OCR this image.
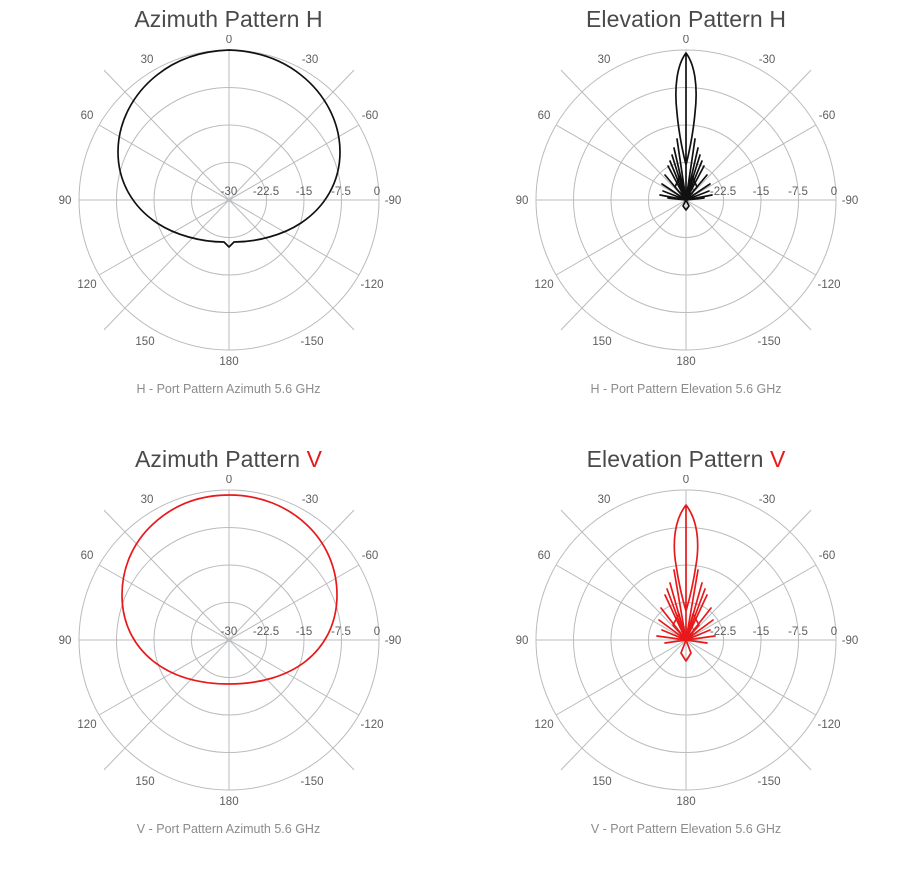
Azimuth Pattern H
0
-30
-60
-90
-120
-150
180
150
120
90
60
30
-30 -22.5 -15 -7.5 0
H - Port Pattern Azimuth 5.6 GHz
Elevation Pattern H
0
-30
-60
-90
-120
-150
180
150
120
90
60
30
-30 -22.5 -15 -7.5 0
H - Port Pattern Elevation 5.6 GHz
Azimuth Pattern V
0
-30
-60
-90
-120
-150
180
150
120
90
60
30
-30 -22.5 -15 -7.5 0
V - Port Pattern Azimuth 5.6 GHz
Elevation Pattern V
0
-30
-60
-90
-120
-150
180
150
120
90
60
30
-30 -22.5 -15 -7.5 0
V - Port Pattern Elevation 5.6 GHz
